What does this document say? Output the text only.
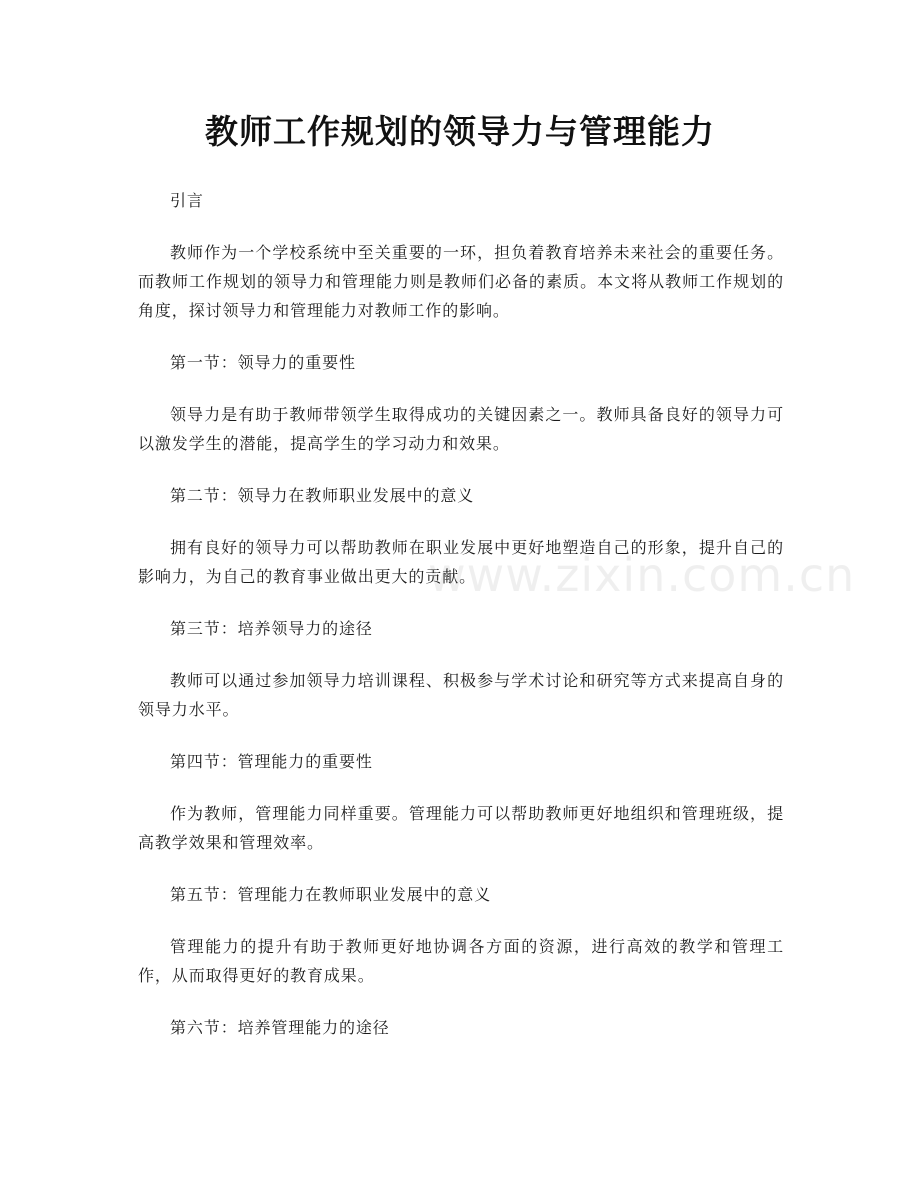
教师工作规划的领导力与管理能力
www.zixin.com.cn

引言

教师作为一个学校系统中至关重要的一环，担负着教育培养未来社会的重要任务。而教师工作规划的领导力和管理能力则是教师们必备的素质。本文将从教师工作规划的角度，探讨领导力和管理能力对教师工作的影响。

第一节：领导力的重要性

领导力是有助于教师带领学生取得成功的关键因素之一。教师具备良好的领导力可以激发学生的潜能，提高学生的学习动力和效果。

第二节：领导力在教师职业发展中的意义

拥有良好的领导力可以帮助教师在职业发展中更好地塑造自己的形象，提升自己的影响力，为自己的教育事业做出更大的贡献。

第三节：培养领导力的途径

教师可以通过参加领导力培训课程、积极参与学术讨论和研究等方式来提高自身的领导力水平。

第四节：管理能力的重要性

作为教师，管理能力同样重要。管理能力可以帮助教师更好地组织和管理班级，提高教学效果和管理效率。

第五节：管理能力在教师职业发展中的意义

管理能力的提升有助于教师更好地协调各方面的资源，进行高效的教学和管理工作，从而取得更好的教育成果。

第六节：培养管理能力的途径
